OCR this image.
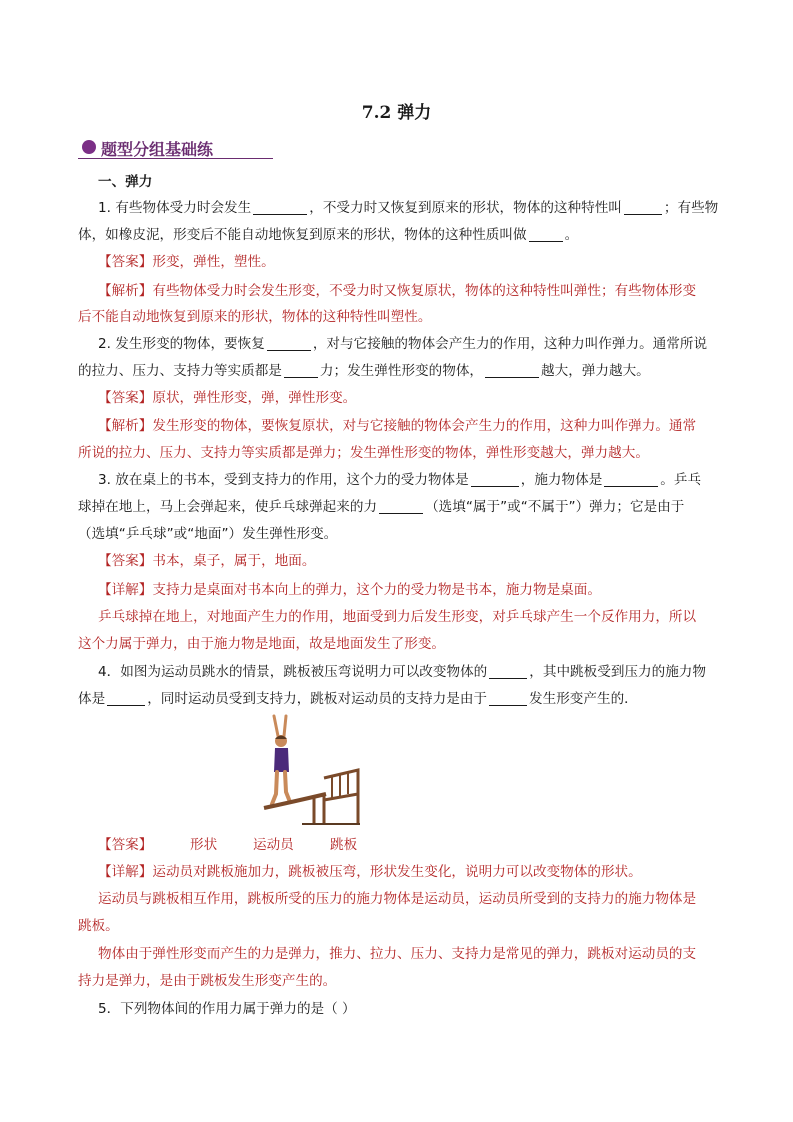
7.2 弹力
题型分组基础练
一、弹力
1. 有些物体受力时会发生	，不受力时又恢复到原来的形状，物体的这种特性叫	；有些物
体，如橡皮泥，形变后不能自动地恢复到原来的形状，物体的这种性质叫做	。
【答案】形变，弹性，塑性。
【解析】有些物体受力时会发生形变，不受力时又恢复原状，物体的这种特性叫弹性；有些物体形变
后不能自动地恢复到原来的形状，物体的这种特性叫塑性。
2. 发生形变的物体，要恢复	，对与它接触的物体会产生力的作用，这种力叫作弹力。通常所说
的拉力、压力、支持力等实质都是	力；发生弹性形变的物体，	越大，弹力越大。
【答案】原状，弹性形变，弹，弹性形变。
【解析】发生形变的物体，要恢复原状，对与它接触的物体会产生力的作用，这种力叫作弹力。通常
所说的拉力、压力、支持力等实质都是弹力；发生弹性形变的物体，弹性形变越大，弹力越大。
3. 放在桌上的书本，受到支持力的作用，这个力的受力物体是	，施力物体是	。乒乓
球掉在地上，马上会弹起来，使乒乓球弹起来的力	（选填“属于”或“不属于”）弹力；它是由于
（选填“乒乓球”或“地面”）发生弹性形变。
【答案】书本，桌子，属于，地面。
【详解】支持力是桌面对书本向上的弹力，这个力的受力物是书本，施力物是桌面。
乒乓球掉在地上，对地面产生力的作用，地面受到力后发生形变，对乒乓球产生一个反作用力，所以
这个力属于弹力，由于施力物是地面，故是地面发生了形变。
4．如图为运动员跳水的情景，跳板被压弯说明力可以改变物体的	，其中跳板受到压力的施力物
体是	，同时运动员受到支持力，跳板对运动员的支持力是由于	发生形变产生的．
【答案】	形状	运动员	跳板
【详解】运动员对跳板施加力，跳板被压弯，形状发生变化，说明力可以改变物体的形状。
运动员与跳板相互作用，跳板所受的压力的施力物体是运动员，运动员所受到的支持力的施力物体是
跳板。
物体由于弹性形变而产生的力是弹力，推力、拉力、压力、支持力是常见的弹力，跳板对运动员的支
持力是弹力，是由于跳板发生形变产生的。
5．下列物体间的作用力属于弹力的是（ ）
